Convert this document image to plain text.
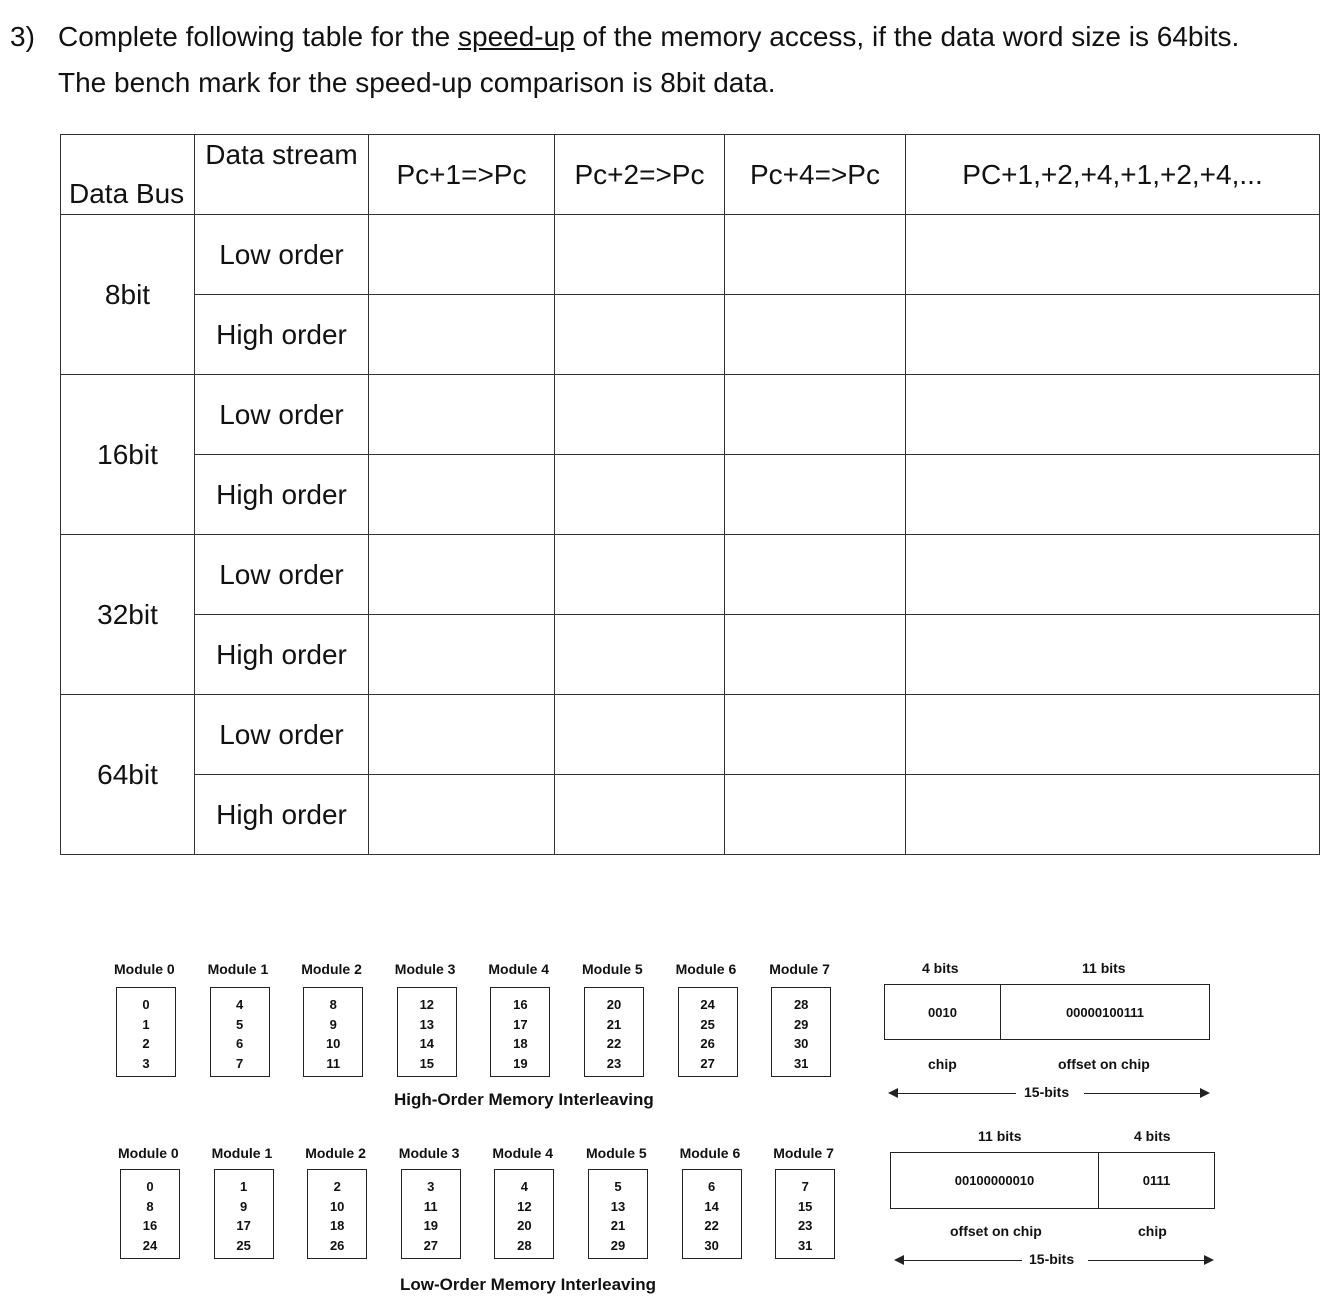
3) Complete following table for the speed-up of the memory access, if the data word size is 64bits.
The bench mark for the speed-up comparison is 8bit data.
Data Bus	Data stream	Pc+1=>Pc	Pc+2=>Pc	Pc+4=>Pc	PC+1,+2,+4,+1,+2,+4,...
8bit	Low order				
	High order				
16bit	Low order				
	High order				
32bit	Low order				
	High order				
64bit	Low order				
	High order				
Module 0
0
1
2
3
Module 1
4
5
6
7
Module 2
8
9
10
11
Module 3
12
13
14
15
Module 4
16
17
18
19
Module 5
20
21
22
23
Module 6
24
25
26
27
Module 7
28
29
30
31
High-Order Memory Interleaving
4 bits	11 bits
0010	00000100111
chip	offset on chip
15-bits
Module 0
0
8
16
24
Module 1
1
9
17
25
Module 2
2
10
18
26
Module 3
3
11
19
27
Module 4
4
12
20
28
Module 5
5
13
21
29
Module 6
6
14
22
30
Module 7
7
15
23
31
Low-Order Memory Interleaving
11 bits	4 bits
00100000010	0111
offset on chip	chip
15-bits
